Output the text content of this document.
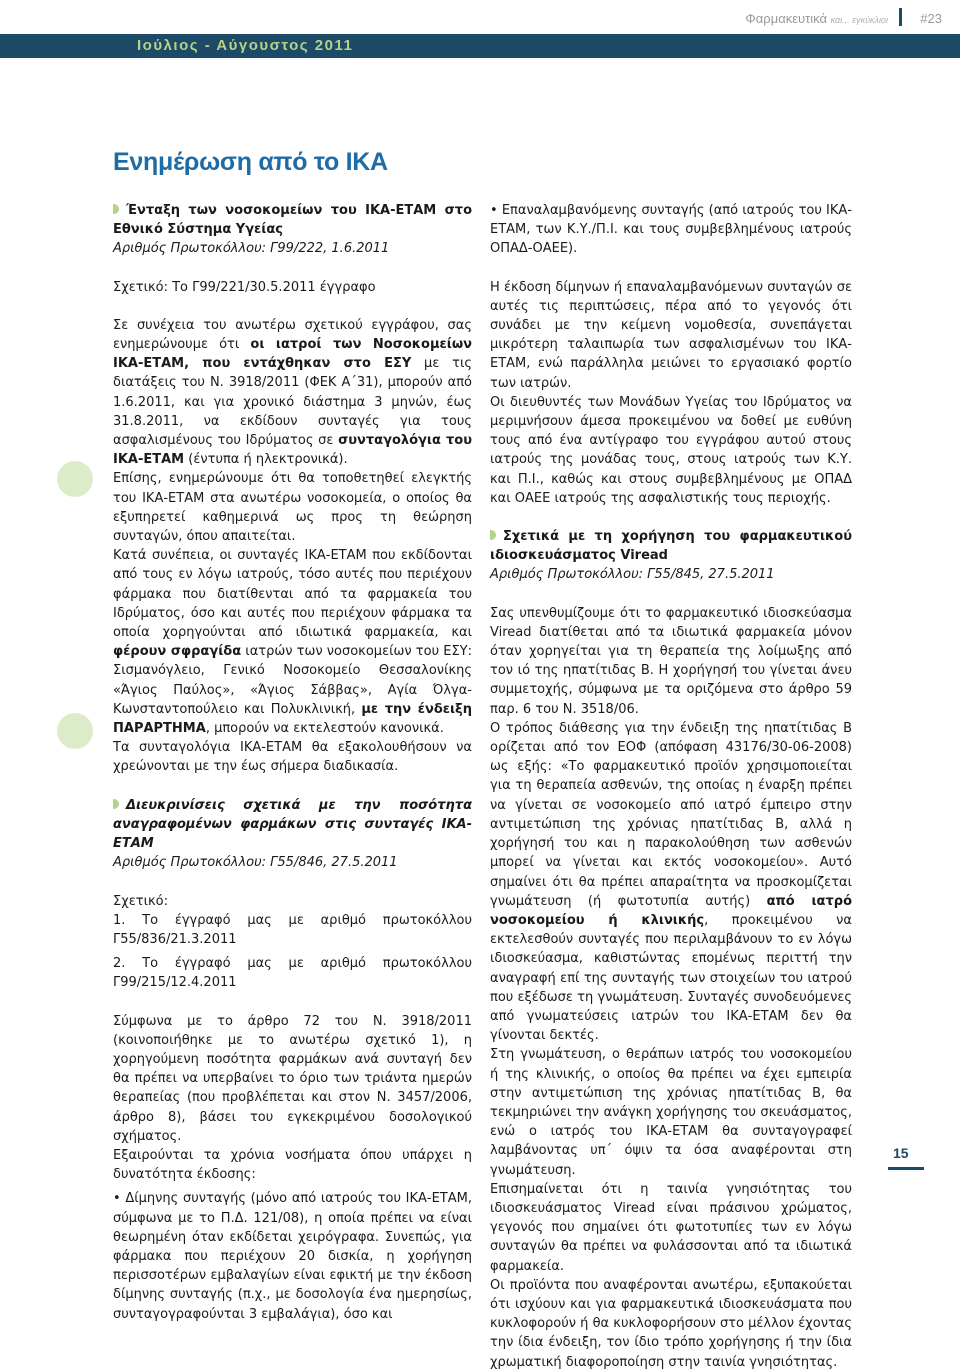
Φαρμακευτικά και... εγκύκλιοι #23
Ιούλιος - Αύγουστος 2011
Ενημέρωση από το ΙΚΑ

Ένταξη των νοσοκομείων του ΙΚΑ-ΕΤΑΜ στο Εθνικό Σύστημα Υγείας

Αριθμός Πρωτοκόλλου: Γ99/222, 1.6.2011

Σχετικό: Το Γ99/221/30.5.2011 έγγραφο

Σε συνέχεια του ανωτέρω σχετικού εγγράφου, σας ενημερώνουμε ότι οι ιατροί των Νοσοκομείων ΙΚΑ-ΕΤΑΜ, που εντάχθηκαν στο ΕΣΥ με τις διατάξεις του Ν. 3918/2011 (ΦΕΚ Α΄31), μπορούν από 1.6.2011, και για χρονικό διάστημα 3 μηνών, έως 31.8.2011, να εκδίδουν συνταγές για τους ασφαλισμένους του Ιδρύματος σε συνταγολόγια του ΙΚΑ-ΕΤΑΜ (έντυπα ή ηλεκτρονικά).

Επίσης, ενημερώνουμε ότι θα τοποθετηθεί ελεγκτής του ΙΚΑ-ΕΤΑΜ στα ανωτέρω νοσοκομεία, ο οποίος θα εξυπηρετεί καθημερινά ως προς τη θεώρηση συνταγών, όπου απαιτείται.

Κατά συνέπεια, οι συνταγές ΙΚΑ-ΕΤΑΜ που εκδίδονται από τους εν λόγω ιατρούς, τόσο αυτές που περιέχουν φάρμακα που διατίθενται από τα φαρμακεία του Ιδρύματος, όσο και αυτές που περιέχουν φάρμακα τα οποία χορηγούνται από ιδιωτικά φαρμακεία, και φέρουν σφραγίδα ιατρών των νοσοκομείων του ΕΣΥ: Σισμανόγλειο, Γενικό Νοσοκομείο Θεσσαλονίκης «Άγιος Παύλος», «Άγιος Σάββας», Αγία Όλγα-Κωνσταντοπούλειο και Πολυκλινική, με την ένδειξη ΠΑΡΑΡΤΗΜΑ, μπορούν να εκτελεστούν κανονικά.

Τα συνταγολόγια ΙΚΑ-ΕΤΑΜ θα εξακολουθήσουν να χρεώνονται με την έως σήμερα διαδικασία.

Διευκρινίσεις σχετικά με την ποσότητα αναγραφομένων φαρμάκων στις συνταγές ΙΚΑ-ΕΤΑΜ

Αριθμός Πρωτοκόλλου: Γ55/846, 27.5.2011

Σχετικό:

1. Το έγγραφό μας με αριθμό πρωτοκόλλου Γ55/836/21.3.2011

2. Το έγγραφό μας με αριθμό πρωτοκόλλου Γ99/215/12.4.2011

Σύμφωνα με το άρθρο 72 του Ν. 3918/2011 (κοινοποιήθηκε με το ανωτέρω σχετικό 1), η χορηγούμενη ποσότητα φαρμάκων ανά συνταγή δεν θα πρέπει να υπερβαίνει το όριο των τριάντα ημερών θεραπείας (που προβλέπεται και στον Ν. 3457/2006, άρθρο 8), βάσει του εγκεκριμένου δοσολογικού σχήματος.

Εξαιρούνται τα χρόνια νοσήματα όπου υπάρχει η δυνατότητα έκδοσης:

• Δίμηνης συνταγής (μόνο από ιατρούς του ΙΚΑ-ΕΤΑΜ, σύμφωνα με τo Π.Δ. 121/08), η οποία πρέπει να είναι θεωρημένη όταν εκδίδεται χειρόγραφα. Συνεπώς, για φάρμακα που περιέχουν 20 δισκία, η χορήγηση περισσοτέρων εμβαλαγίων είναι εφικτή με την έκδοση δίμηνης συνταγής (π.χ., με δοσολογία ένα ημερησίως, συνταγογραφούνται 3 εμβαλάγια), όσο και

• Επαναλαμβανόμενης συνταγής (από ιατρούς του ΙΚΑ-ΕΤΑΜ, των Κ.Υ./Π.Ι. και τους συμβεβλημένους ιατρούς ΟΠΑΔ-ΟΑΕΕ).

Η έκδοση δίμηνων ή επαναλαμβανόμενων συνταγών σε αυτές τις περιπτώσεις, πέρα από το γεγονός ότι συνάδει με την κείμενη νομοθεσία, συνεπάγεται μικρότερη ταλαιπωρία των ασφαλισμένων του ΙΚΑ-ΕΤΑΜ, ενώ παράλληλα μειώνει το εργασιακό φορτίο των ιατρών.

Οι διευθυντές των Μονάδων Υγείας του Ιδρύματος να μεριμνήσουν άμεσα προκειμένου να δοθεί με ευθύνη τους από ένα αντίγραφο του εγγράφου αυτού στους ιατρούς της μονάδας τους, στους ιατρούς των Κ.Υ. και Π.Ι., καθώς και στους συμβεβλημένους με ΟΠΑΔ και ΟΑΕΕ ιατρούς της ασφαλιστικής τους περιοχής.

Σχετικά με τη χορήγηση του φαρμακευτικού ιδιοσκευάσματος Viread

Αριθμός Πρωτοκόλλου: Γ55/845, 27.5.2011

Σας υπενθυμίζουμε ότι το φαρμακευτικό ιδιοσκεύασμα Viread διατίθεται από τα ιδιωτικά φαρμακεία μόνον όταν χορηγείται για τη θεραπεία της λοίμωξης από τον ιό της ηπατίτιδας Β. Η χορήγησή του γίνεται άνευ συμμετοχής, σύμφωνα με τα οριζόμενα στο άρθρο 59 παρ. 6 του Ν. 3518/06.

Ο τρόπος διάθεσης για την ένδειξη της ηπατίτιδας Β ορίζεται από τον ΕΟΦ (απόφαση 43176/30-06-2008) ως εξής: «Το φαρμακευτικό προϊόν χρησιμοποιείται για τη θεραπεία ασθενών, της οποίας η έναρξη πρέπει να γίνεται σε νοσοκομείο από ιατρό έμπειρο στην αντιμετώπιση της χρόνιας ηπατίτιδας Β, αλλά η χορήγησή του και η παρακολούθηση των ασθενών μπορεί να γίνεται και εκτός νοσοκομείου». Αυτό σημαίνει ότι θα πρέπει απαραίτητα να προσκομίζεται γνωμάτευση (ή φωτοτυπία αυτής) από ιατρό νοσοκομείου ή κλινικής, προκειμένου να εκτελεσθούν συνταγές που περιλαμβάνουν το εν λόγω ιδιοσκεύασμα, καθιστώντας επομένως περιττή την αναγραφή επί της συνταγής των στοιχείων του ιατρού που εξέδωσε τη γνωμάτευση. Συνταγές συνοδευόμενες από γνωματεύσεις ιατρών του ΙΚΑ-ΕΤΑΜ δεν θα γίνονται δεκτές.

Στη γνωμάτευση, ο θεράπων ιατρός του νοσοκομείου ή της κλινικής, ο οποίος θα πρέπει να έχει εμπειρία στην αντιμετώπιση της χρόνιας ηπατίτιδας Β, θα τεκμηριώνει την ανάγκη χορήγησης του σκευάσματος, ενώ ο ιατρός του ΙΚΑ-ΕΤΑΜ θα συνταγογραφεί λαμβάνοντας υπ΄ όψιν τα όσα αναφέρονται στη γνωμάτευση.

Επισημαίνεται ότι η ταινία γνησιότητας του ιδιοσκευάσματος Viread είναι πράσινου χρώματος, γεγονός που σημαίνει ότι φωτοτυπίες των εν λόγω συνταγών θα πρέπει να φυλάσσονται από τα ιδιωτικά φαρμακεία.

Οι προϊόντα που αναφέρονται ανωτέρω, εξυπακούεται ότι ισχύουν και για φαρμακευτικά ιδιοσκευάσματα που κυκλοφορούν ή θα κυκλοφορήσουν στο μέλλον έχοντας την ίδια ένδειξη, τον ίδιο τρόπο χορήγησης ή την ίδια χρωματική διαφοροποίηση στην ταινία γνησιότητας.

15
